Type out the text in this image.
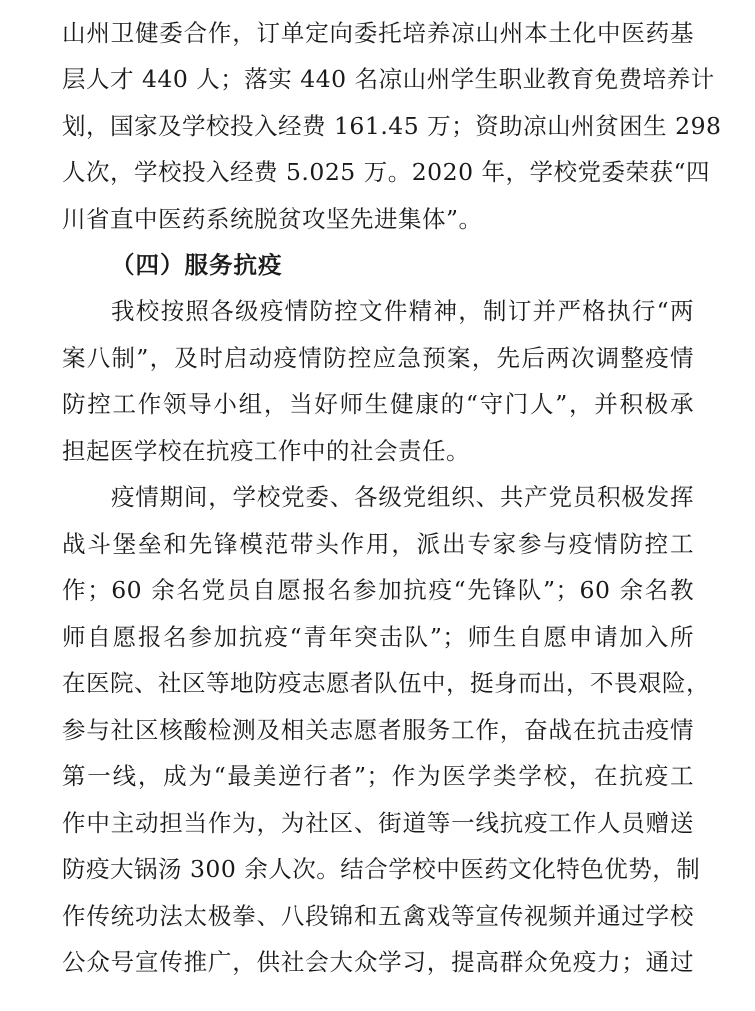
山州卫健委合作，订单定向委托培养凉山州本土化中医药基
层人才 440 人；落实 440 名凉山州学生职业教育免费培养计
划，国家及学校投入经费 161.45 万；资助凉山州贫困生 298
人次，学校投入经费 5.025 万。2020 年，学校党委荣获“四
川省直中医药系统脱贫攻坚先进集体”。
（四）服务抗疫
我校按照各级疫情防控文件精神，制订并严格执行“两
案八制”，及时启动疫情防控应急预案，先后两次调整疫情
防控工作领导小组，当好师生健康的“守门人”，并积极承
担起医学校在抗疫工作中的社会责任。
疫情期间，学校党委、各级党组织、共产党员积极发挥
战斗堡垒和先锋模范带头作用，派出专家参与疫情防控工
作；60 余名党员自愿报名参加抗疫“先锋队”；60 余名教
师自愿报名参加抗疫“青年突击队”；师生自愿申请加入所
在医院、社区等地防疫志愿者队伍中，挺身而出，不畏艰险，
参与社区核酸检测及相关志愿者服务工作，奋战在抗击疫情
第一线，成为“最美逆行者”；作为医学类学校，在抗疫工
作中主动担当作为，为社区、街道等一线抗疫工作人员赠送
防疫大锅汤 300 余人次。结合学校中医药文化特色优势，制
作传统功法太极拳、八段锦和五禽戏等宣传视频并通过学校
公众号宣传推广，供社会大众学习，提高群众免疫力；通过
